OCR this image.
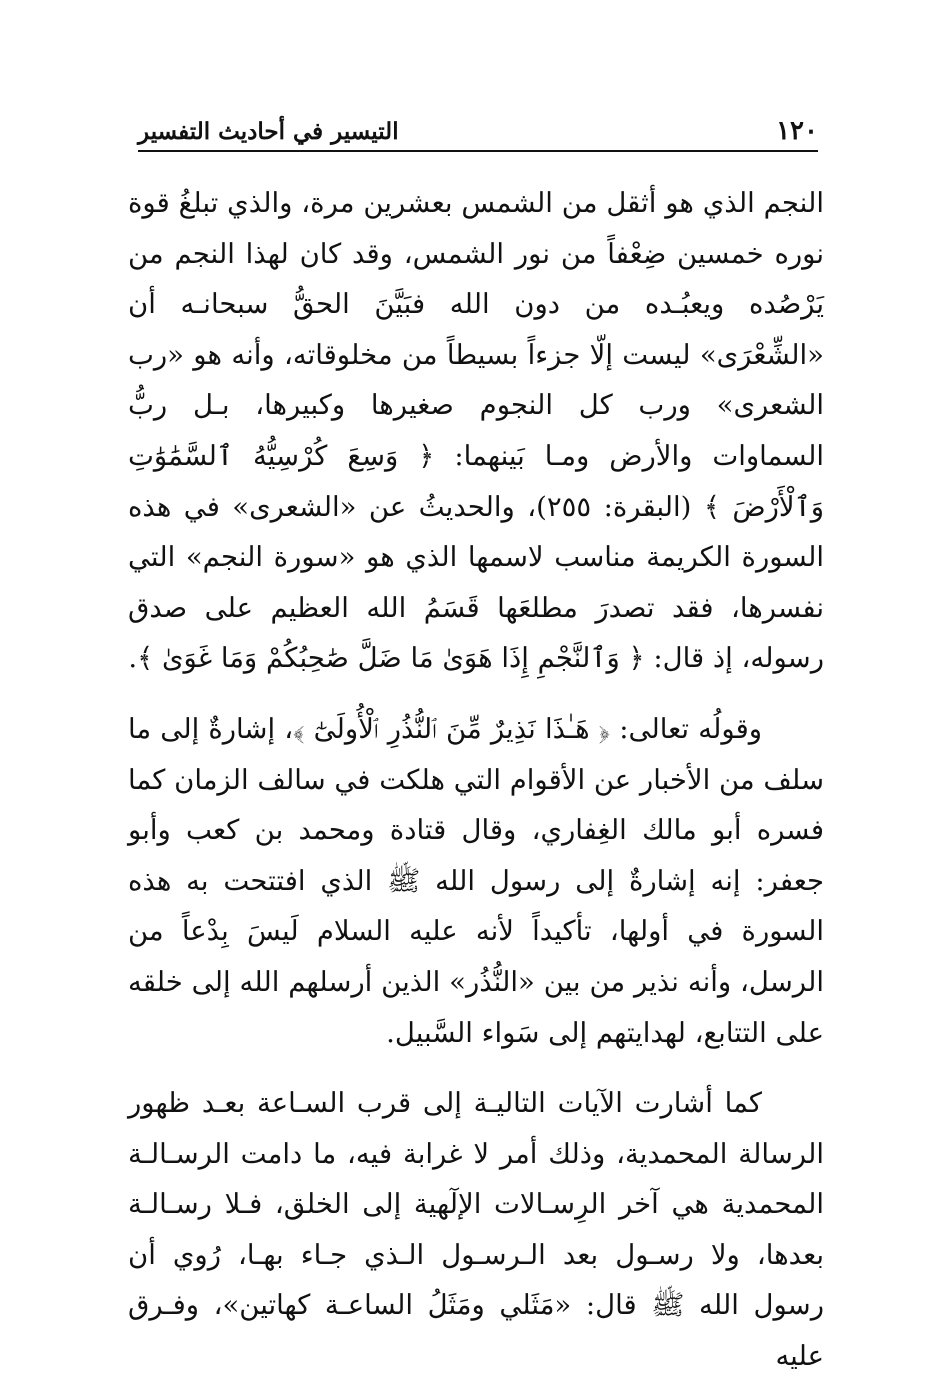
١٢٠
التيسير في أحاديث التفسير

النجم الذي هو أثقل من الشمس بعشرين مرة، والذي تبلغُ قوة نوره خمسين ضِعْفاً من نور الشمس، وقد كان لهذا النجم من يَرْصُده ويعبُـده من دون الله فبَيَّنَ الحقُّ سبحانـه أن «الشِّعْرَى» ليست إلّا جزءاً بسيطاً من مخلوقاته، وأنه هو «رب الشعرى» ورب كل النجوم صغيرها وكبيرها، بـل ربُّ السماوات والأرض ومـا بَينهما: ﴿ وَسِعَ كُرْسِيُّهُ ٱلسَّمَٰوَٰتِ وَٱلْأَرْضَ ﴾ (البقرة: ٢٥٥)، والحديثُ عن «الشعرى» في هذه السورة الكريمة مناسب لاسمها الذي هو «سورة النجم» التي نفسرها، فقد تصدرَ مطلعَها قَسَمُ الله العظيم على صدق رسوله، إذ قال: ﴿ وَٱلنَّجْمِ إِذَا هَوَىٰ مَا ضَلَّ صَٰحِبُكُمْ وَمَا غَوَىٰ ﴾.

وقولُه تعالى: ﴿ هَـٰذَا نَذِيرٌ مِّنَ ٱلنُّذُرِ ٱلْأُولَىٰٓ ﴾، إشارةٌ إلى ما سلف من الأخبار عن الأقوام التي هلكت في سالف الزمان كما فسره أبو مالك الغِفاري، وقال قتادة ومحمد بن كعب وأبو جعفر: إنه إشارةٌ إلى رسول الله ﷺ الذي افتتحت به هذه السورة في أولها، تأكيداً لأنه عليه السلام لَيسَ بِدْعاً من الرسل، وأنه نذير من بين «النُّذُر» الذين أرسلهم الله إلى خلقه على التتابع، لهدايتهم إلى سَواء السَّبيل.

كما أشارت الآيات التاليـة إلى قرب السـاعة بعـد ظهور الرسالة المحمدية، وذلك أمر لا غرابة فيه، ما دامت الرسـالـة المحمدية هي آخر الرِسـالات الإلٓهية إلى الخلق، فـلا رسـالـة بعدها، ولا رسـول بعد الـرسـول الـذي جـاء بهـا، رُوي أن رسول الله ﷺ قال: «مَثَلي ومَثَلُ الساعـة كهاتين»، وفـرق عليه
